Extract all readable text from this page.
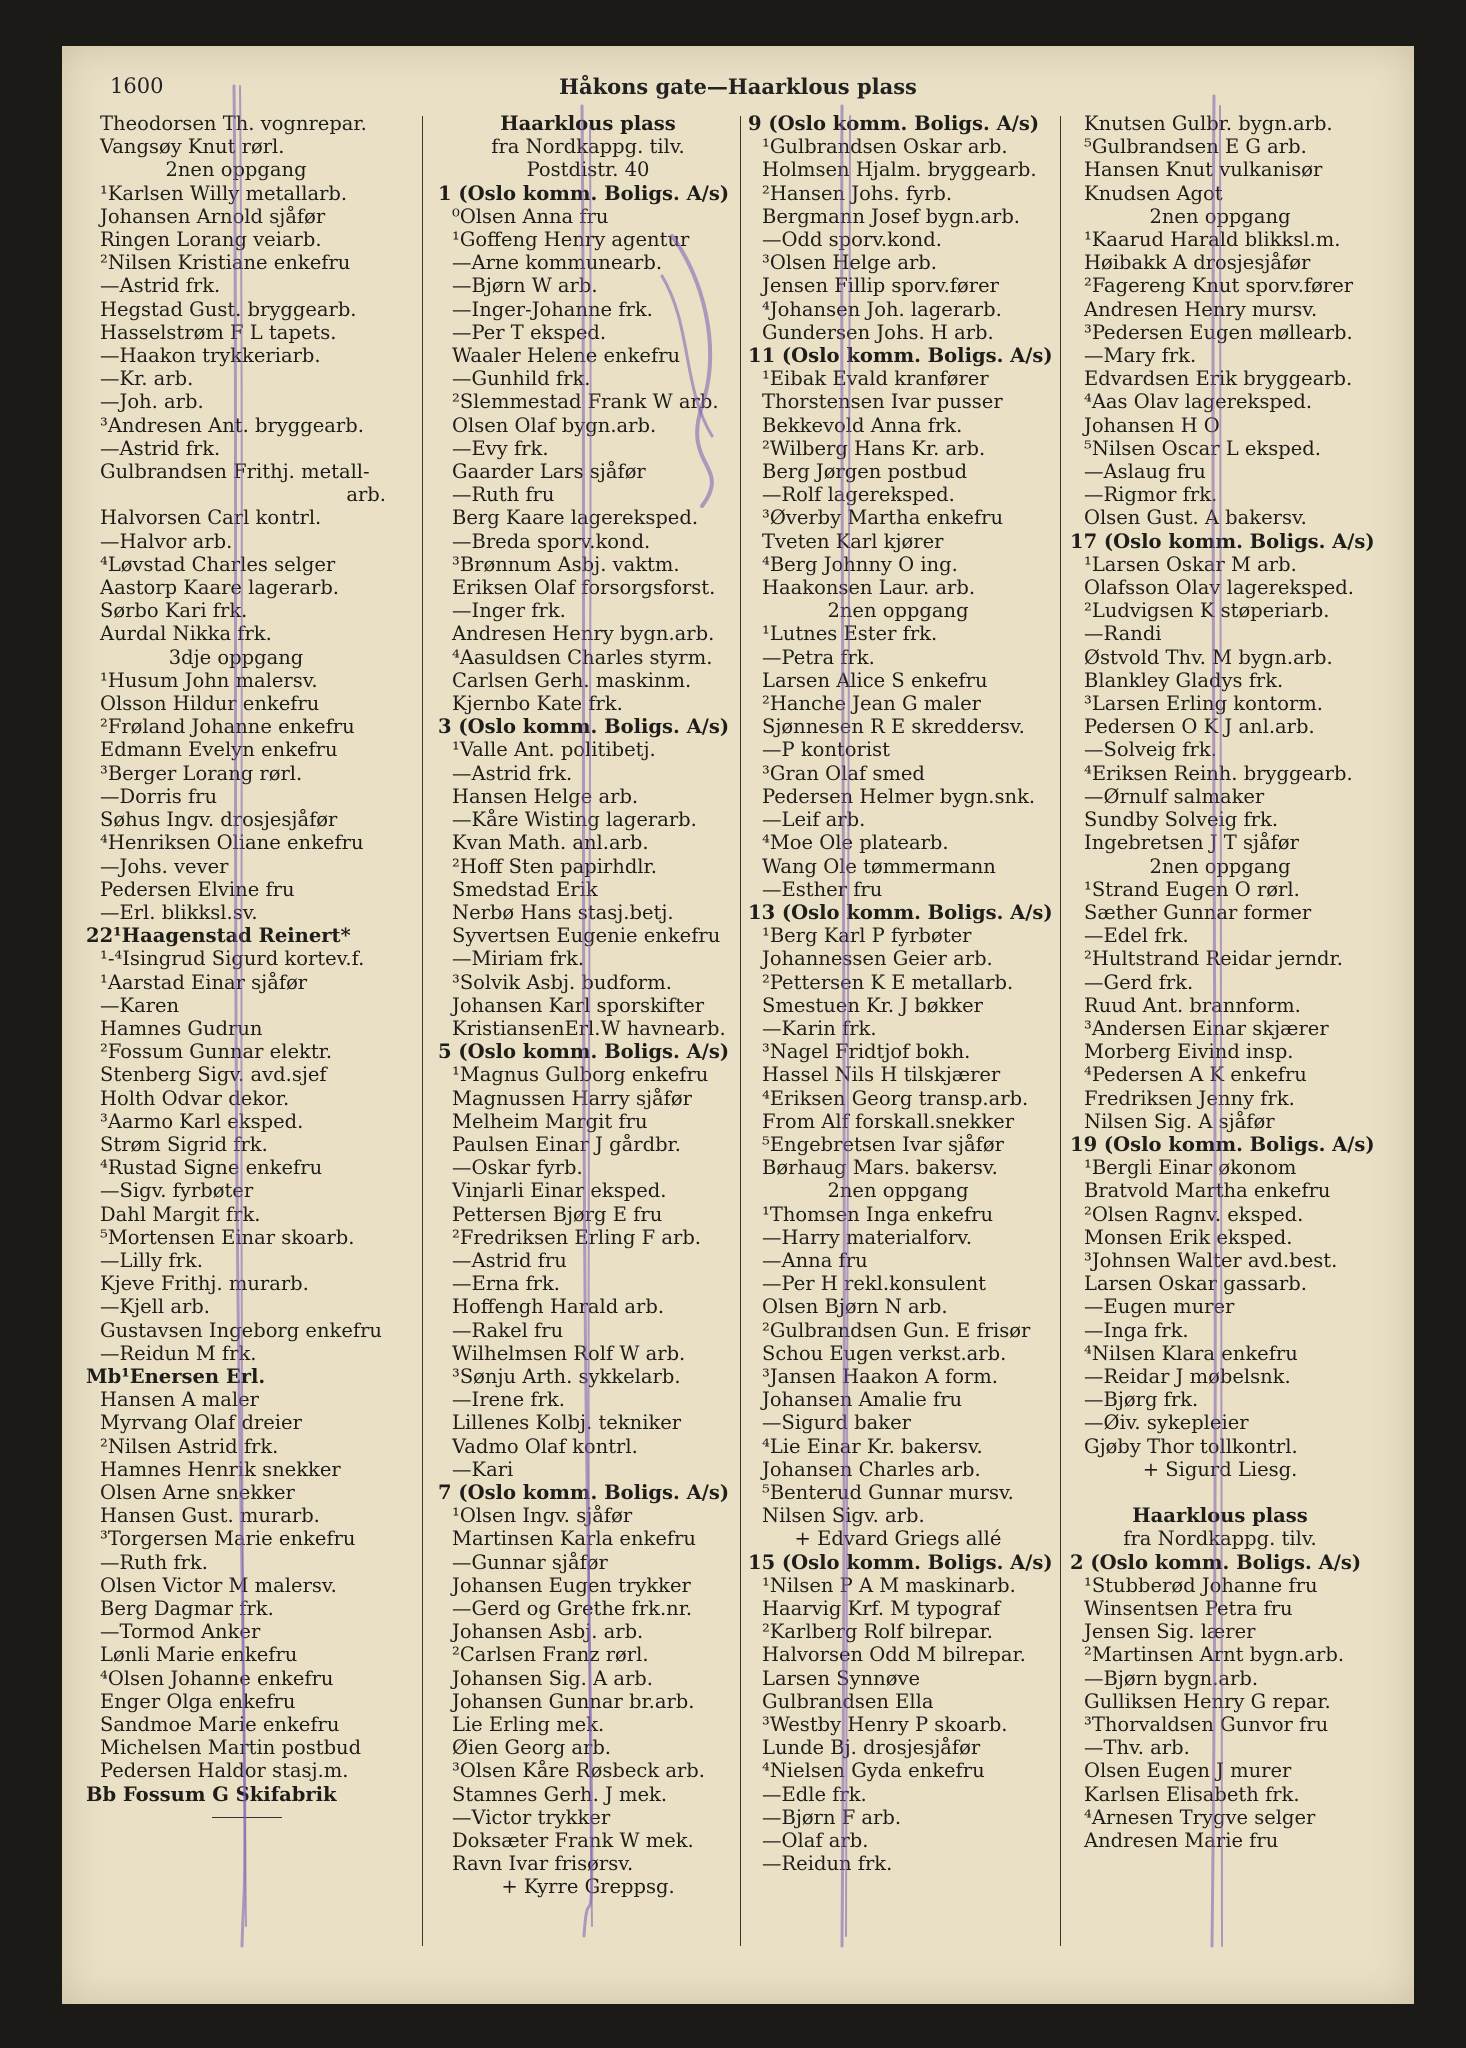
1600	Håkons gate—Haarklous plass
Theodorsen Th. vognrepar.
Vangsøy Knut rørl.
2nen oppgang
¹Karlsen Willy metallarb.
Johansen Arnold sjåfør
Ringen Lorang veiarb.
²Nilsen Kristiane enkefru
—Astrid frk.
Hegstad Gust. bryggearb.
Hasselstrøm F L tapets.
—Haakon trykkeriarb.
—Kr. arb.
—Joh. arb.
³Andresen Ant. bryggearb.
—Astrid frk.
Gulbrandsen Frithj. metall-
arb.
Halvorsen Carl kontrl.
—Halvor arb.
⁴Løvstad Charles selger
Aastorp Kaare lagerarb.
Sørbo Kari frk.
Aurdal Nikka frk.
3dje oppgang
¹Husum John malersv.
Olsson Hildur enkefru
²Frøland Johanne enkefru
Edmann Evelyn enkefru
³Berger Lorang rørl.
—Dorris fru
Søhus Ingv. drosjesjåfør
⁴Henriksen Oliane enkefru
—Johs. vever
Pedersen Elvine fru
—Erl. blikksl.sv.
22¹Haagenstad Reinert*
¹-⁴Isingrud Sigurd kortev.f.
¹Aarstad Einar sjåfør
—Karen
Hamnes Gudrun
²Fossum Gunnar elektr.
Stenberg Sigv. avd.sjef
Holth Odvar dekor.
³Aarmo Karl eksped.
Strøm Sigrid frk.
⁴Rustad Signe enkefru
—Sigv. fyrbøter
Dahl Margit frk.
⁵Mortensen Einar skoarb.
—Lilly frk.
Kjeve Frithj. murarb.
—Kjell arb.
Gustavsen Ingeborg enkefru
—Reidun M frk.
Mb¹Enersen Erl.
Hansen A maler
Myrvang Olaf dreier
²Nilsen Astrid frk.
Hamnes Henrik snekker
Olsen Arne snekker
Hansen Gust. murarb.
³Torgersen Marie enkefru
—Ruth frk.
Olsen Victor M malersv.
Berg Dagmar frk.
—Tormod Anker
Lønli Marie enkefru
⁴Olsen Johanne enkefru
Enger Olga enkefru
Sandmoe Marie enkefru
Michelsen Martin postbud
Pedersen Haldor stasj.m.
Bb Fossum G Skifabrik
Haarklous plass
fra Nordkappg. tilv.
Postdistr. 40
1 (Oslo komm. Boligs. A/s)
⁰Olsen Anna fru
¹Goffeng Henry agentur
—Arne kommunearb.
—Bjørn W arb.
—Inger-Johanne frk.
—Per T eksped.
Waaler Helene enkefru
—Gunhild frk.
²Slemmestad Frank W arb.
Olsen Olaf bygn.arb.
—Evy frk.
Gaarder Lars sjåfør
—Ruth fru
Berg Kaare lagereksped.
—Breda sporv.kond.
³Brønnum Asbj. vaktm.
Eriksen Olaf forsorgsforst.
—Inger frk.
Andresen Henry bygn.arb.
⁴Aasuldsen Charles styrm.
Carlsen Gerh. maskinm.
Kjernbo Kate frk.
3 (Oslo komm. Boligs. A/s)
¹Valle Ant. politibetj.
—Astrid frk.
Hansen Helge arb.
—Kåre Wisting lagerarb.
Kvan Math. anl.arb.
²Hoff Sten papirhdlr.
Smedstad Erik
Nerbø Hans stasj.betj.
Syvertsen Eugenie enkefru
—Miriam frk.
³Solvik Asbj. budform.
Johansen Karl sporskifter
KristiansenErl.W havnearb.
5 (Oslo komm. Boligs. A/s)
¹Magnus Gulborg enkefru
Magnussen Harry sjåfør
Melheim Margit fru
Paulsen Einar J gårdbr.
—Oskar fyrb.
Vinjarli Einar eksped.
Pettersen Bjørg E fru
²Fredriksen Erling F arb.
—Astrid fru
—Erna frk.
Hoffengh Harald arb.
—Rakel fru
Wilhelmsen Rolf W arb.
³Sønju Arth. sykkelarb.
—Irene frk.
Lillenes Kolbj. tekniker
Vadmo Olaf kontrl.
—Kari
7 (Oslo komm. Boligs. A/s)
¹Olsen Ingv. sjåfør
Martinsen Karla enkefru
—Gunnar sjåfør
Johansen Eugen trykker
—Gerd og Grethe frk.nr.
Johansen Asbj. arb.
²Carlsen Franz rørl.
Johansen Sig. A arb.
Johansen Gunnar br.arb.
Lie Erling mek.
Øien Georg arb.
³Olsen Kåre Røsbeck arb.
Stamnes Gerh. J mek.
—Victor trykker
Doksæter Frank W mek.
Ravn Ivar frisørsv.
+ Kyrre Greppsg.
9 (Oslo komm. Boligs. A/s)
¹Gulbrandsen Oskar arb.
Holmsen Hjalm. bryggearb.
²Hansen Johs. fyrb.
Bergmann Josef bygn.arb.
—Odd sporv.kond.
³Olsen Helge arb.
Jensen Fillip sporv.fører
⁴Johansen Joh. lagerarb.
Gundersen Johs. H arb.
11 (Oslo komm. Boligs. A/s)
¹Eibak Evald kranfører
Thorstensen Ivar pusser
Bekkevold Anna frk.
²Wilberg Hans Kr. arb.
Berg Jørgen postbud
—Rolf lagereksped.
³Øverby Martha enkefru
Tveten Karl kjører
⁴Berg Johnny O ing.
Haakonsen Laur. arb.
2nen oppgang
¹Lutnes Ester frk.
—Petra frk.
Larsen Alice S enkefru
²Hanche Jean G maler
Sjønnesen R E skreddersv.
—P kontorist
³Gran Olaf smed
Pedersen Helmer bygn.snk.
—Leif arb.
⁴Moe Ole platearb.
Wang Ole tømmermann
—Esther fru
13 (Oslo komm. Boligs. A/s)
¹Berg Karl P fyrbøter
Johannessen Geier arb.
²Pettersen K E metallarb.
Smestuen Kr. J bøkker
—Karin frk.
³Nagel Fridtjof bokh.
Hassel Nils H tilskjærer
⁴Eriksen Georg transp.arb.
From Alf forskall.snekker
⁵Engebretsen Ivar sjåfør
Børhaug Mars. bakersv.
2nen oppgang
¹Thomsen Inga enkefru
—Harry materialforv.
—Anna fru
—Per H rekl.konsulent
Olsen Bjørn N arb.
²Gulbrandsen Gun. E frisør
Schou Eugen verkst.arb.
³Jansen Haakon A form.
Johansen Amalie fru
—Sigurd baker
⁴Lie Einar Kr. bakersv.
Johansen Charles arb.
⁵Benterud Gunnar mursv.
Nilsen Sigv. arb.
+ Edvard Griegs allé
15 (Oslo komm. Boligs. A/s)
¹Nilsen P A M maskinarb.
Haarvig Krf. M typograf
²Karlberg Rolf bilrepar.
Halvorsen Odd M bilrepar.
Larsen Synnøve
Gulbrandsen Ella
³Westby Henry P skoarb.
Lunde Bj. drosjesjåfør
⁴Nielsen Gyda enkefru
—Edle frk.
—Bjørn F arb.
—Olaf arb.
—Reidun frk.
Knutsen Gulbr. bygn.arb.
⁵Gulbrandsen E G arb.
Hansen Knut vulkanisør
Knudsen Agot
2nen oppgang
¹Kaarud Harald blikksl.m.
Høibakk A drosjesjåfør
²Fagereng Knut sporv.fører
Andresen Henry mursv.
³Pedersen Eugen møllearb.
—Mary frk.
Edvardsen Erik bryggearb.
⁴Aas Olav lagereksped.
Johansen H O
⁵Nilsen Oscar L eksped.
—Aslaug fru
—Rigmor frk.
Olsen Gust. A bakersv.
17 (Oslo komm. Boligs. A/s)
¹Larsen Oskar M arb.
Olafsson Olav lagereksped.
²Ludvigsen K støperiarb.
—Randi
Østvold Thv. M bygn.arb.
Blankley Gladys frk.
³Larsen Erling kontorm.
Pedersen O K J anl.arb.
—Solveig frk.
⁴Eriksen Reinh. bryggearb.
—Ørnulf salmaker
Sundby Solveig frk.
Ingebretsen J T sjåfør
2nen oppgang
¹Strand Eugen O rørl.
Sæther Gunnar former
—Edel frk.
²Hultstrand Reidar jerndr.
—Gerd frk.
Ruud Ant. brannform.
³Andersen Einar skjærer
Morberg Eivind insp.
⁴Pedersen A K enkefru
Fredriksen Jenny frk.
Nilsen Sig. A sjåfør
19 (Oslo komm. Boligs. A/s)
¹Bergli Einar økonom
Bratvold Martha enkefru
²Olsen Ragnv. eksped.
Monsen Erik eksped.
³Johnsen Walter avd.best.
Larsen Oskar gassarb.
—Eugen murer
—Inga frk.
⁴Nilsen Klara enkefru
—Reidar J møbelsnk.
—Bjørg frk.
—Øiv. sykepleier
Gjøby Thor tollkontrl.
+ Sigurd Liesg.
Haarklous plass
fra Nordkappg. tilv.
2 (Oslo komm. Boligs. A/s)
¹Stubberød Johanne fru
Winsentsen Petra fru
Jensen Sig. lærer
²Martinsen Arnt bygn.arb.
—Bjørn bygn.arb.
Gulliksen Henry G repar.
³Thorvaldsen Gunvor fru
—Thv. arb.
Olsen Eugen J murer
Karlsen Elisabeth frk.
⁴Arnesen Trygve selger
Andresen Marie fru
